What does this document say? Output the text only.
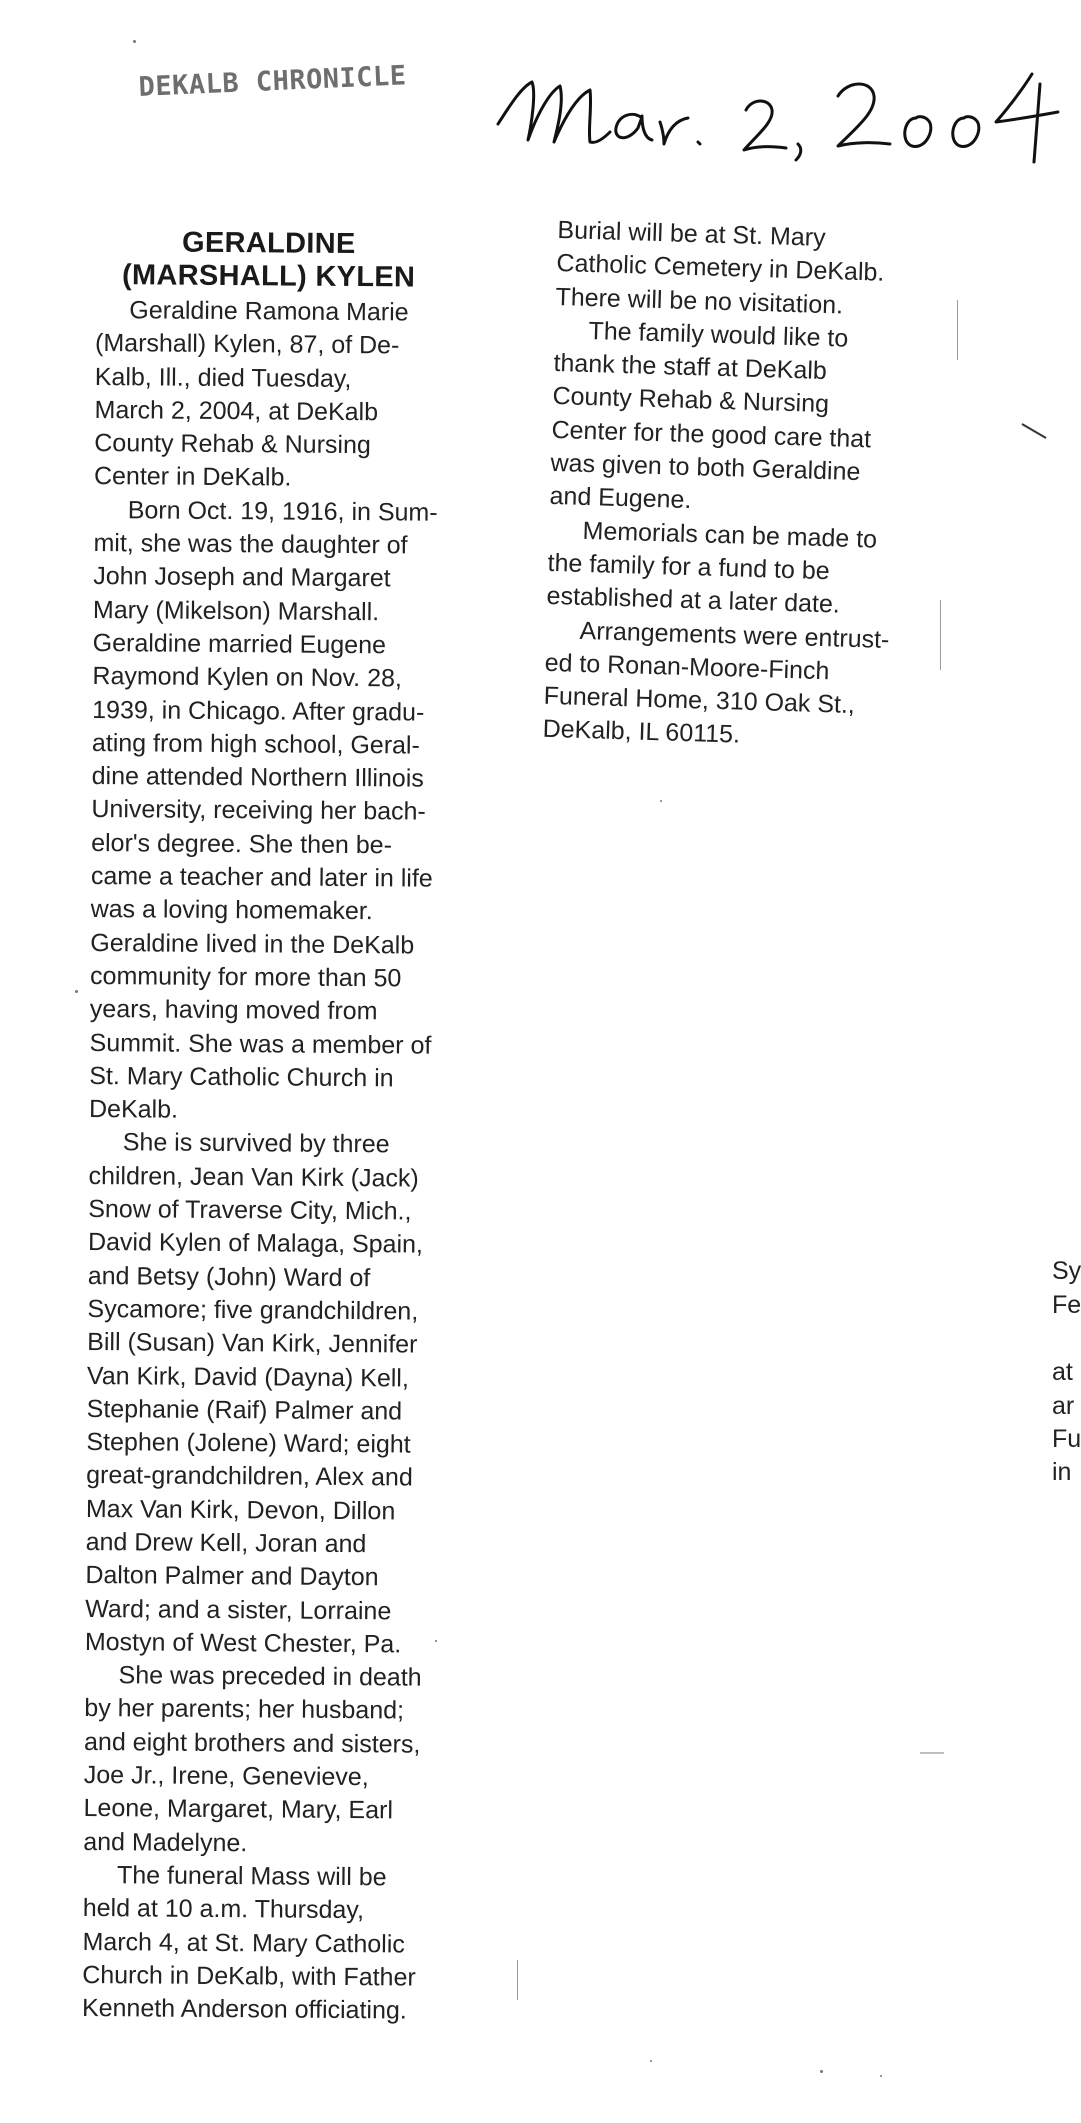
DEKALB CHRONICLE
GERALDINE
(MARSHALL) KYLEN
Geraldine Ramona Marie
(Marshall) Kylen, 87, of De-
Kalb, Ill., died Tuesday,
March 2, 2004, at DeKalb
County Rehab & Nursing
Center in DeKalb.
Born Oct. 19, 1916, in Sum-
mit, she was the daughter of
John Joseph and Margaret
Mary (Mikelson) Marshall.
Geraldine married Eugene
Raymond Kylen on Nov. 28,
1939, in Chicago. After gradu-
ating from high school, Geral-
dine attended Northern Illinois
University, receiving her bach-
elor's degree. She then be-
came a teacher and later in life
was a loving homemaker.
Geraldine lived in the DeKalb
community for more than 50
years, having moved from
Summit. She was a member of
St. Mary Catholic Church in
DeKalb.
She is survived by three
children, Jean Van Kirk (Jack)
Snow of Traverse City, Mich.,
David Kylen of Malaga, Spain,
and Betsy (John) Ward of
Sycamore; five grandchildren,
Bill (Susan) Van Kirk, Jennifer
Van Kirk, David (Dayna) Kell,
Stephanie (Raif) Palmer and
Stephen (Jolene) Ward; eight
great-grandchildren, Alex and
Max Van Kirk, Devon, Dillon
and Drew Kell, Joran and
Dalton Palmer and Dayton
Ward; and a sister, Lorraine
Mostyn of West Chester, Pa.
She was preceded in death
by her parents; her husband;
and eight brothers and sisters,
Joe Jr., Irene, Genevieve,
Leone, Margaret, Mary, Earl
and Madelyne.
The funeral Mass will be
held at 10 a.m. Thursday,
March 4, at St. Mary Catholic
Church in DeKalb, with Father
Kenneth Anderson officiating.
Burial will be at St. Mary
Catholic Cemetery in DeKalb.
There will be no visitation.
The family would like to
thank the staff at DeKalb
County Rehab & Nursing
Center for the good care that
was given to both Geraldine
and Eugene.
Memorials can be made to
the family for a fund to be
established at a later date.
Arrangements were entrust-
ed to Ronan-Moore-Finch
Funeral Home, 310 Oak St.,
DeKalb, IL 60115.
Sy
Fe
at
ar
Fu
in
